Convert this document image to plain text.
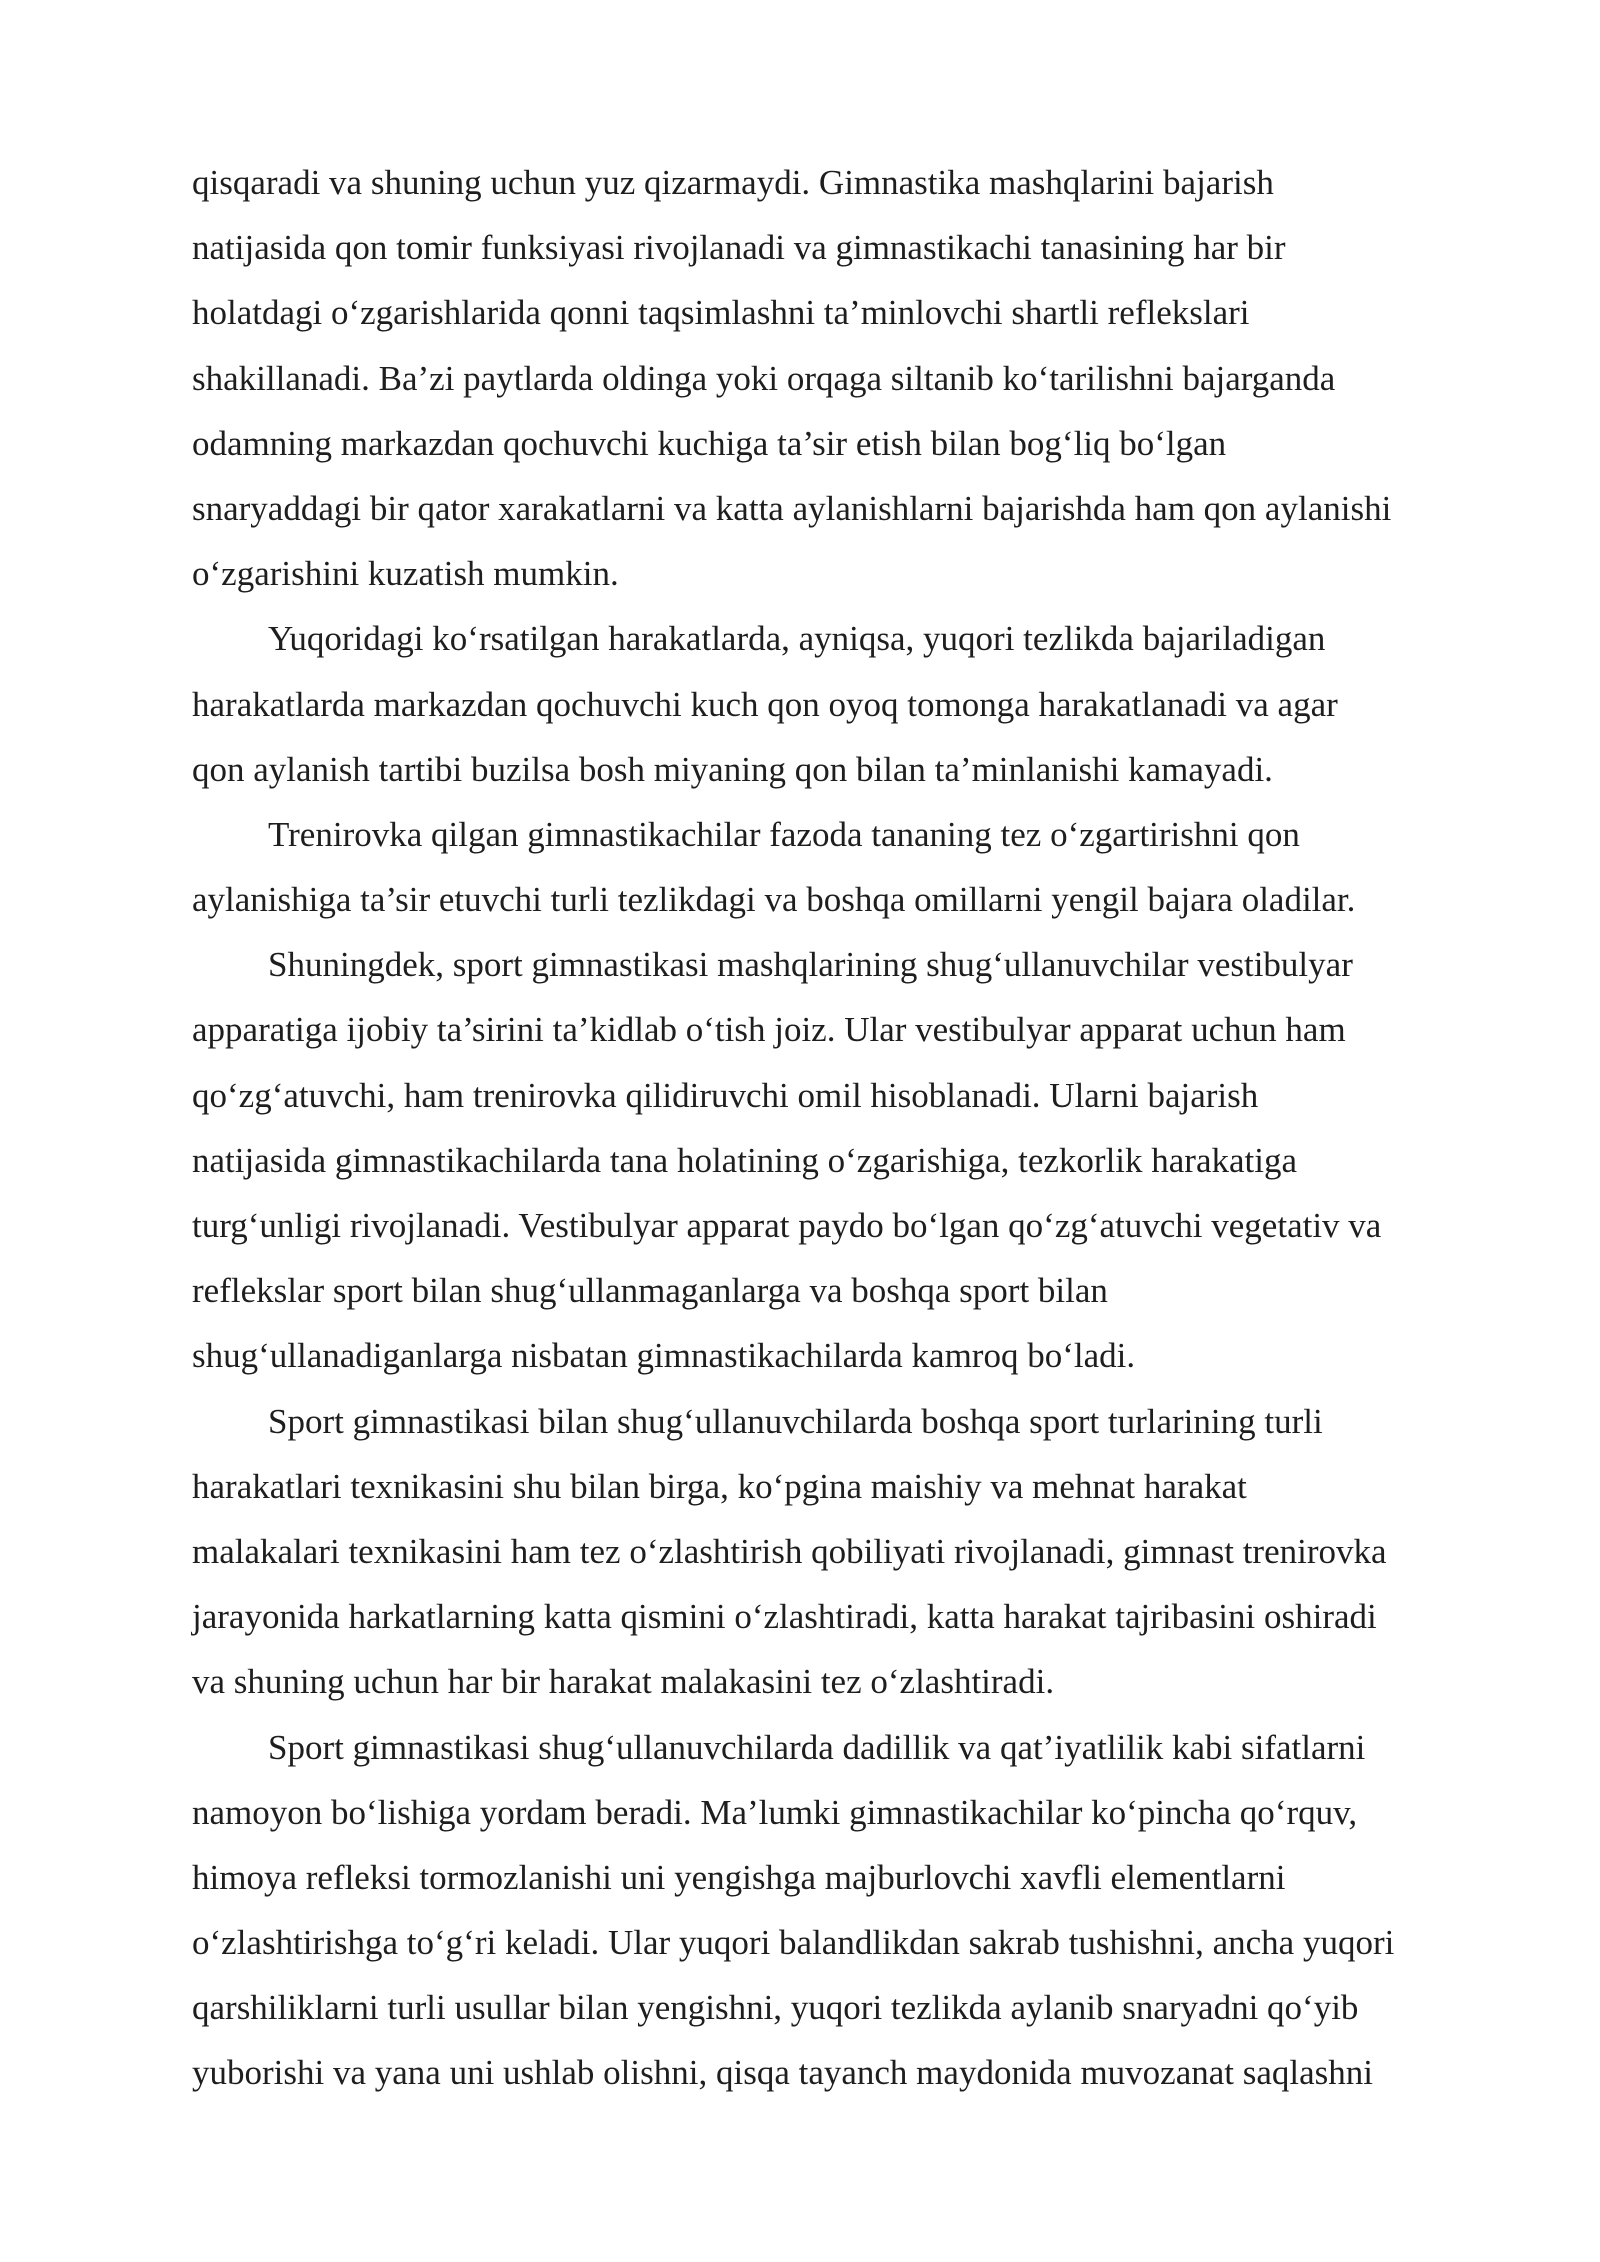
qisqaradi va shuning uchun yuz qizarmaydi. Gimnastika mashqlarini bajarish
natijasida qon tomir funksiyasi rivojlanadi va gimnastikachi tanasining har bir
holatdagi o‘zgarishlarida qonni taqsimlashni ta’minlovchi shartli reflekslari
shakillanadi. Ba’zi paytlarda oldinga yoki orqaga siltanib ko‘tarilishni bajarganda
odamning markazdan qochuvchi kuchiga ta’sir etish bilan bog‘liq bo‘lgan
snaryaddagi bir qator xarakatlarni va katta aylanishlarni bajarishda ham qon aylanishi
o‘zgarishini kuzatish mumkin.
Yuqoridagi ko‘rsatilgan harakatlarda, ayniqsa, yuqori tezlikda bajariladigan
harakatlarda markazdan qochuvchi kuch qon oyoq tomonga harakatlanadi va agar
qon aylanish tartibi buzilsa bosh miyaning qon bilan ta’minlanishi kamayadi.
Trenirovka qilgan gimnastikachilar fazoda tananing tez o‘zgartirishni qon
aylanishiga ta’sir etuvchi turli tezlikdagi va boshqa omillarni yengil bajara oladilar.
Shuningdek, sport gimnastikasi mashqlarining shug‘ullanuvchilar vestibulyar
apparatiga ijobiy ta’sirini ta’kidlab o‘tish joiz. Ular vestibulyar apparat uchun ham
qo‘zg‘atuvchi, ham trenirovka qilidiruvchi omil hisoblanadi. Ularni bajarish
natijasida gimnastikachilarda tana holatining o‘zgarishiga, tezkorlik harakatiga
turg‘unligi rivojlanadi. Vestibulyar apparat paydo bo‘lgan qo‘zg‘atuvchi vegetativ va
reflekslar sport bilan shug‘ullanmaganlarga va boshqa sport bilan
shug‘ullanadiganlarga nisbatan gimnastikachilarda kamroq bo‘ladi.
Sport gimnastikasi bilan shug‘ullanuvchilarda boshqa sport turlarining turli
harakatlari texnikasini shu bilan birga, ko‘pgina maishiy va mehnat harakat
malakalari texnikasini ham tez o‘zlashtirish qobiliyati rivojlanadi, gimnast trenirovka
jarayonida harkatlarning katta qismini o‘zlashtiradi, katta harakat tajribasini oshiradi
va shuning uchun har bir harakat malakasini tez o‘zlashtiradi.
Sport gimnastikasi shug‘ullanuvchilarda dadillik va qat’iyatlilik kabi sifatlarni
namoyon bo‘lishiga yordam beradi. Ma’lumki gimnastikachilar ko‘pincha qo‘rquv,
himoya refleksi tormozlanishi uni yengishga majburlovchi xavfli elementlarni
o‘zlashtirishga to‘g‘ri keladi. Ular yuqori balandlikdan sakrab tushishni, ancha yuqori
qarshiliklarni turli usullar bilan yengishni, yuqori tezlikda aylanib snaryadni qo‘yib
yuborishi va yana uni ushlab olishni, qisqa tayanch maydonida muvozanat saqlashni
